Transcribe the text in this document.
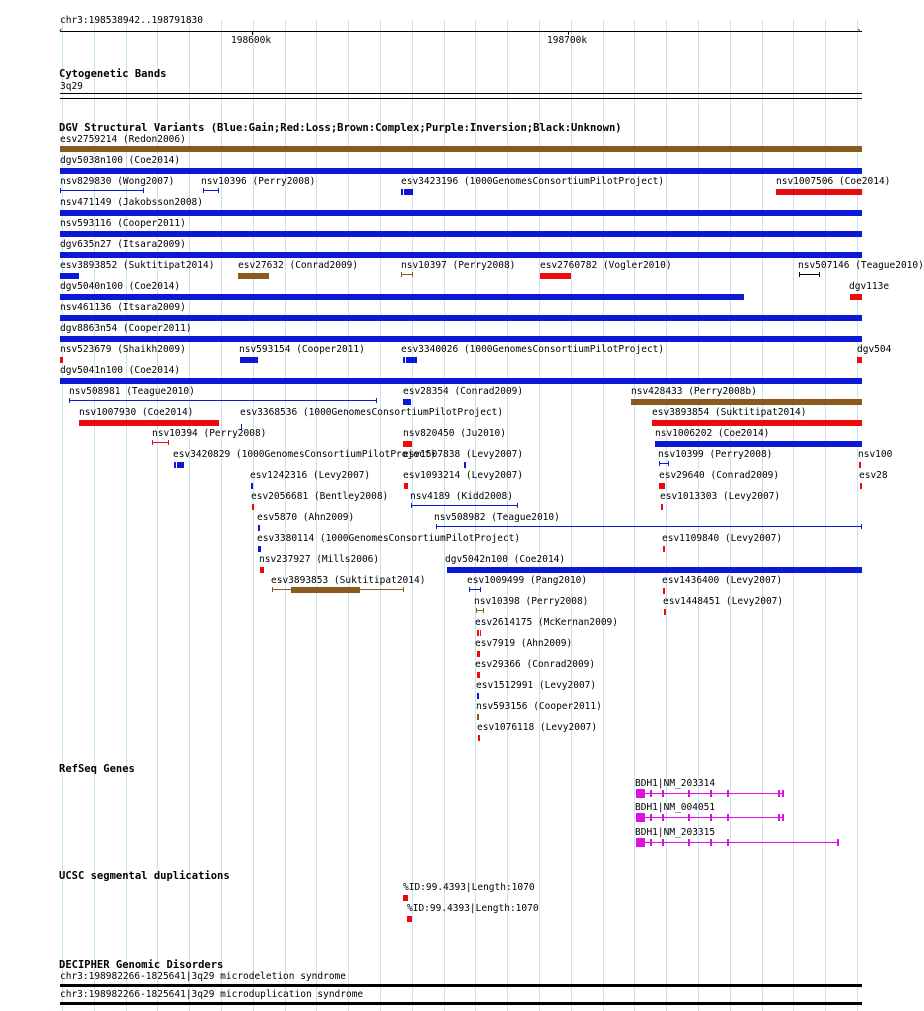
chr3:198538942..198791830
‹	›
198600k	198700k
Cytogenetic Bands
3q29
DGV Structural Variants (Blue:Gain;Red:Loss;Brown:Complex;Purple:Inversion;Black:Unknown)
esv2759214 (Redon2006)
dgv5038n100 (Coe2014)
nsv829830 (Wong2007)	nsv10396 (Perry2008)	esv3423196 (1000GenomesConsortiumPilotProject)	nsv1007506 (Coe2014)
nsv471149 (Jakobsson2008)
nsv593116 (Cooper2011)
dgv635n27 (Itsara2009)
esv3893852 (Suktitipat2014) esv27632 (Conrad2009)	nsv10397 (Perry2008)	esv2760782 (Vogler2010)	nsv507146 (Teague2010)
dgv5040n100 (Coe2014)	dgv113e
nsv461136 (Itsara2009)
dgv8863n54 (Cooper2011)
nsv523679 (Shaikh2009)	nsv593154 (Cooper2011)	esv3340026 (1000GenomesConsortiumPilotProject)	dgv504
dgv5041n100 (Coe2014)
nsv508981 (Teague2010)	esv28354 (Conrad2009)	nsv428433 (Perry2008b)
nsv1007930 (Coe2014)	esv3368536 (1000GenomesConsortiumPilotProject)	esv3893854 (Suktitipat2014)
nsv10394 (Perry2008)	nsv820450 (Ju2010)	nsv1006202 (Coe2014)
esv3420829 (1000GenomesConsortiumPilotProject)
esv1507838 (Levy2007)	nsv10399 (Perry2008)	nsv100
esv1242316 (Levy2007)	esv1093214 (Levy2007)	esv29640 (Conrad2009)	esv28
esv2056681 (Bentley2008) nsv4189 (Kidd2008)	esv1013303 (Levy2007)
esv5870 (Ahn2009)	nsv508982 (Teague2010)
esv3380114 (1000GenomesConsortiumPilotProject)	esv1109840 (Levy2007)
nsv237927 (Mills2006)	dgv5042n100 (Coe2014)
esv3893853 (Suktitipat2014)	esv1009499 (Pang2010)	esv1436400 (Levy2007)
nsv10398 (Perry2008)	esv1448451 (Levy2007)
esv2614175 (McKernan2009)
esv7919 (Ahn2009)
esv29366 (Conrad2009)
esv1512991 (Levy2007)
nsv593156 (Cooper2011)
esv1076118 (Levy2007)
RefSeq Genes
BDH1|NM_203314
BDH1|NM_004051
BDH1|NM_203315
UCSC segmental duplications
%ID:99.4393|Length:1070
%ID:99.4393|Length:1070
DECIPHER Genomic Disorders
chr3:198982266-1825641|3q29 microdeletion syndrome
chr3:198982266-1825641|3q29 microduplication syndrome
